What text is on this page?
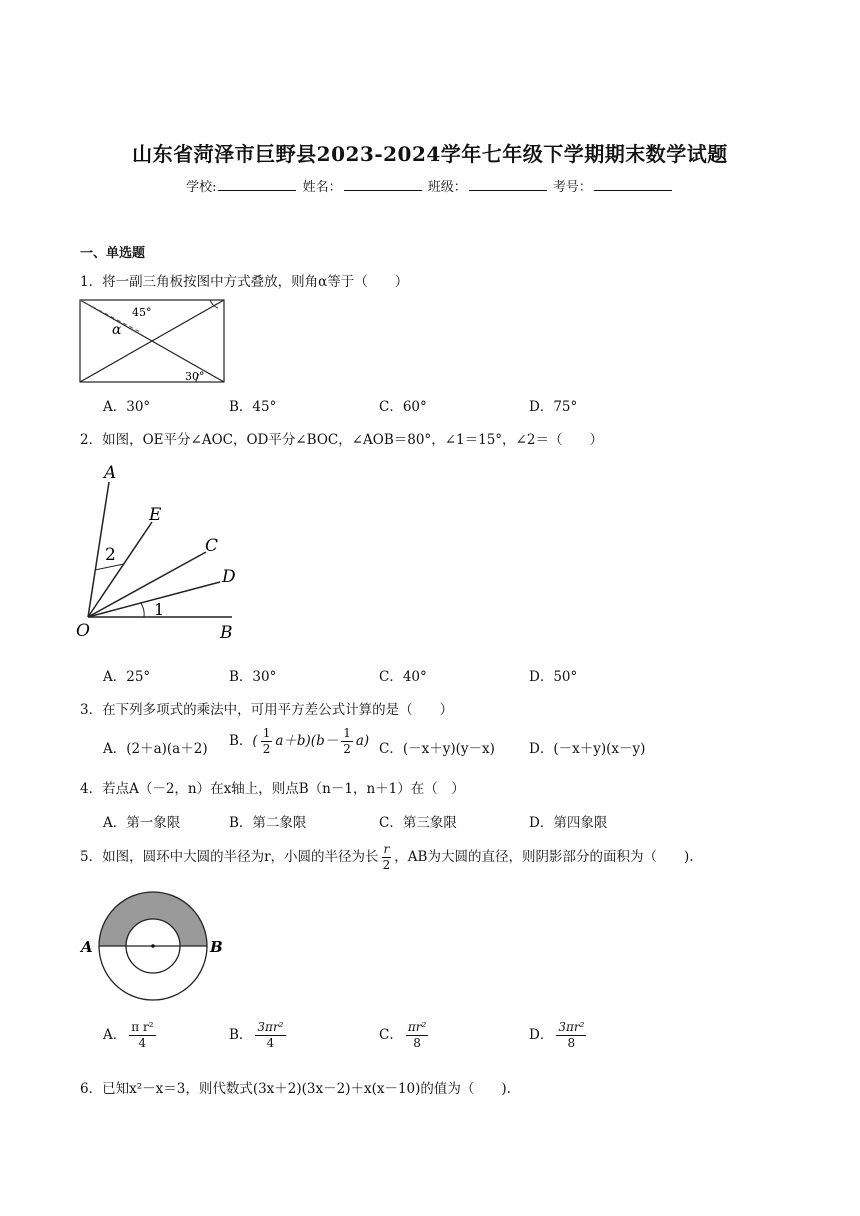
山东省菏泽市巨野县2023-2024学年七年级下学期期末数学试题
学校:	姓名：	班级：	考号：
一、单选题
1．将一副三角板按图中方式叠放，则角α等于（　　）
45°
α
30°
A．30°	B．45°	C．60°	D．75°
2．如图，OE平分∠AOC，OD平分∠BOC，∠AOB＝80°，∠1＝15°，∠2＝（　　）
A
E
C
D
O	B
1
2
A．25°	B．30°	C．40°	D．50°
3．在下列多项式的乘法中，可用平方差公式计算的是（　　）
A．(2＋a)(a＋2) B．( $\frac{1}{2} a+b)(b- \frac{1}{2} a)$ C．(－x＋y)(y－x)	D．(－x＋y)(x－y)
4．若点A（－2，n）在x轴上，则点B（n－1，n＋1）在（　）
A．第一象限	B．第二象限	C．第三象限	D．第四象限
5．如图，圆环中大圆的半径为r，小圆的半径为长 $\frac{r}{2}$ ，AB为大圆的直径，则阴影部分的面积为（　　).
A	B
A． $\frac{\text{π r²}}{4}$	B． $\frac{\text{3πr²}}{4}$	C． $\frac{\text{πr²}}{8}$	D． $\frac{\text{3πr²}}{8}$
6．已知x²－x＝3，则代数式(3x＋2)(3x－2)＋x(x－10)的值为（　　).
